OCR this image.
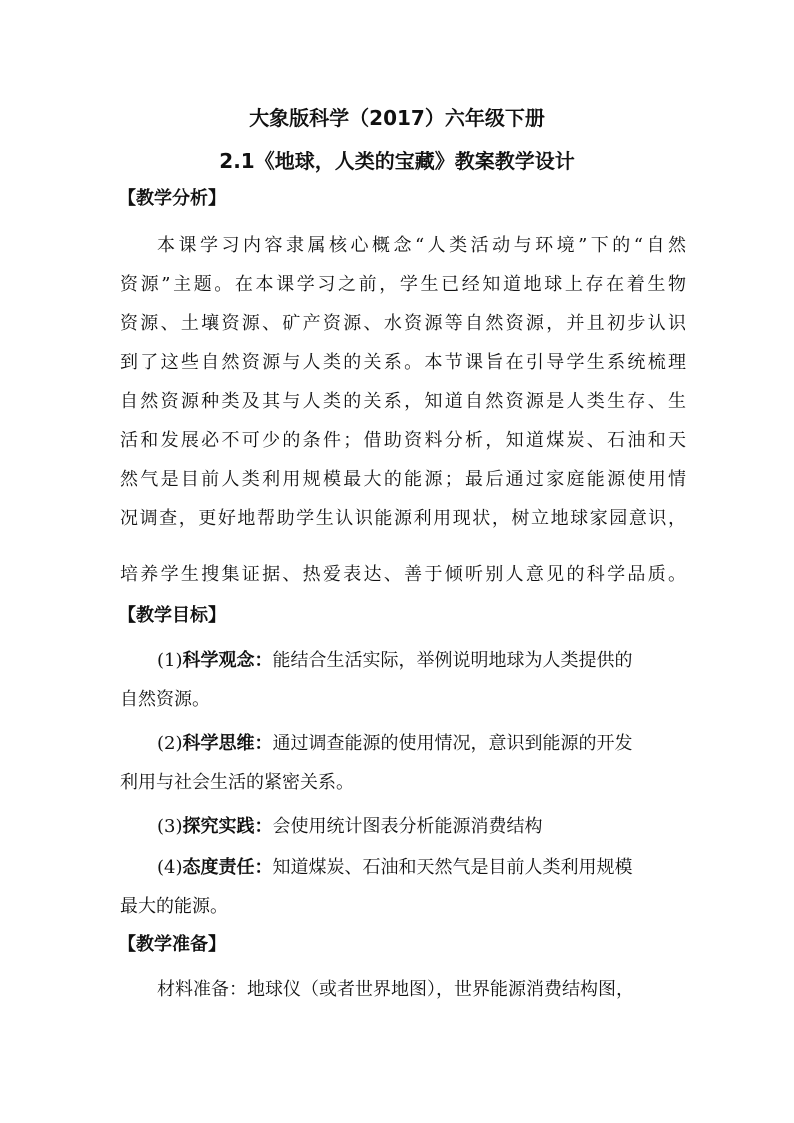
大象版科学（2017）六年级下册
2.1《地球，人类的宝藏》教案教学设计
【教学分析】
本课学习内容隶属核心概念“人类活动与环境”下的“自然
资源”主题。在本课学习之前，学生已经知道地球上存在着生物
资源、土壤资源、矿产资源、水资源等自然资源，并且初步认识
到了这些自然资源与人类的关系。本节课旨在引导学生系统梳理
自然资源种类及其与人类的关系，知道自然资源是人类生存、生
活和发展必不可少的条件；借助资料分析，知道煤炭、石油和天
然气是目前人类利用规模最大的能源；最后通过家庭能源使用情
况调查，更好地帮助学生认识能源利用现状，树立地球家园意识，
培养学生搜集证据、热爱表达、善于倾听别人意见的科学品质。
【教学目标】
(1)科学观念：能结合生活实际，举例说明地球为人类提供的
自然资源。
(2)科学思维：通过调查能源的使用情况，意识到能源的开发
利用与社会生活的紧密关系。
(3)探究实践：会使用统计图表分析能源消费结构
(4)态度责任：知道煤炭、石油和天然气是目前人类利用规模
最大的能源。
【教学准备】
材料准备：地球仪（或者世界地图），世界能源消费结构图，
